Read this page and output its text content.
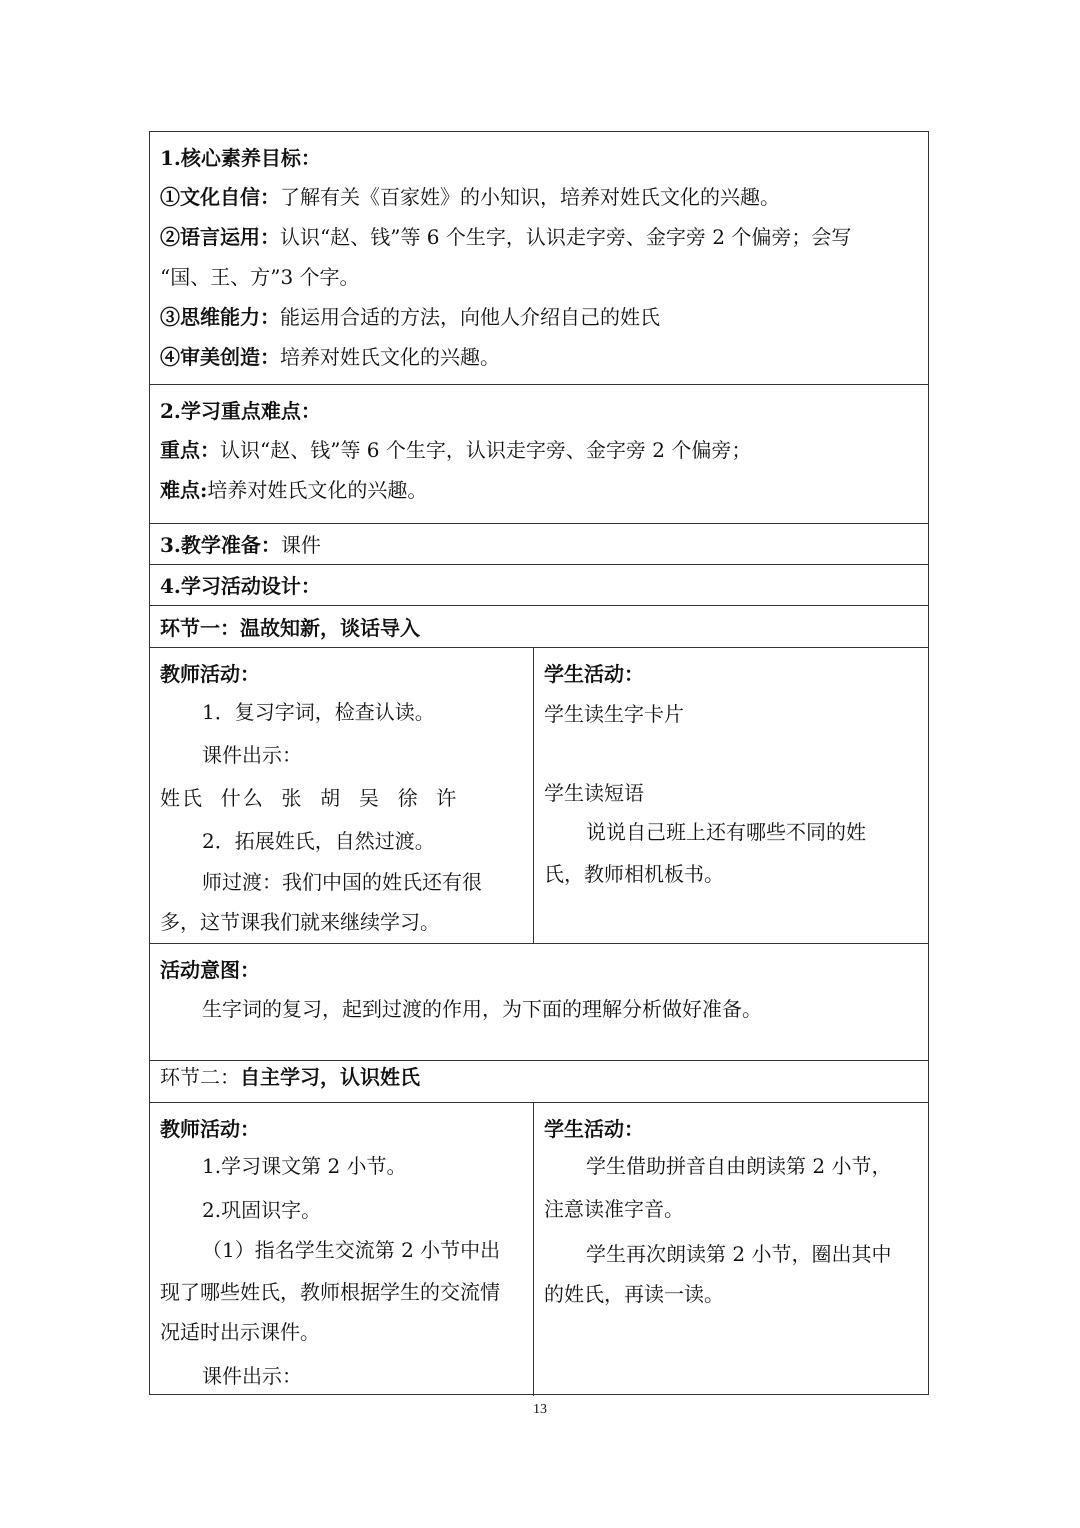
1.核心素养目标：
①文化自信：了解有关《百家姓》的小知识，培养对姓氏文化的兴趣。
②语言运用：认识“赵、钱”等 6 个生字，认识走字旁、金字旁 2 个偏旁；会写
“国、王、方”3 个字。
③思维能力：能运用合适的方法，向他人介绍自己的姓氏
④审美创造：培养对姓氏文化的兴趣。
2.学习重点难点：
重点：认识“赵、钱”等 6 个生字，认识走字旁、金字旁 2 个偏旁；
难点:培养对姓氏文化的兴趣。
3.教学准备：课件
4.学习活动设计：
环节一：温故知新，谈话导入
教师活动：
1．复习字词，检查认读。
课件出示：
姓氏  什么  张  胡  吴  徐  许
2．拓展姓氏，自然过渡。
师过渡：我们中国的姓氏还有很
多，这节课我们就来继续学习。
学生活动：
学生读生字卡片
学生读短语
说说自己班上还有哪些不同的姓
氏，教师相机板书。
活动意图：
生字词的复习，起到过渡的作用，为下面的理解分析做好准备。
环节二：自主学习，认识姓氏
教师活动：
1.学习课文第 2 小节。
2.巩固识字。
（1）指名学生交流第 2 小节中出
现了哪些姓氏，教师根据学生的交流情
况适时出示课件。
课件出示：
学生活动：
学生借助拼音自由朗读第 2 小节，
注意读准字音。
学生再次朗读第 2 小节，圈出其中
的姓氏，再读一读。
13
